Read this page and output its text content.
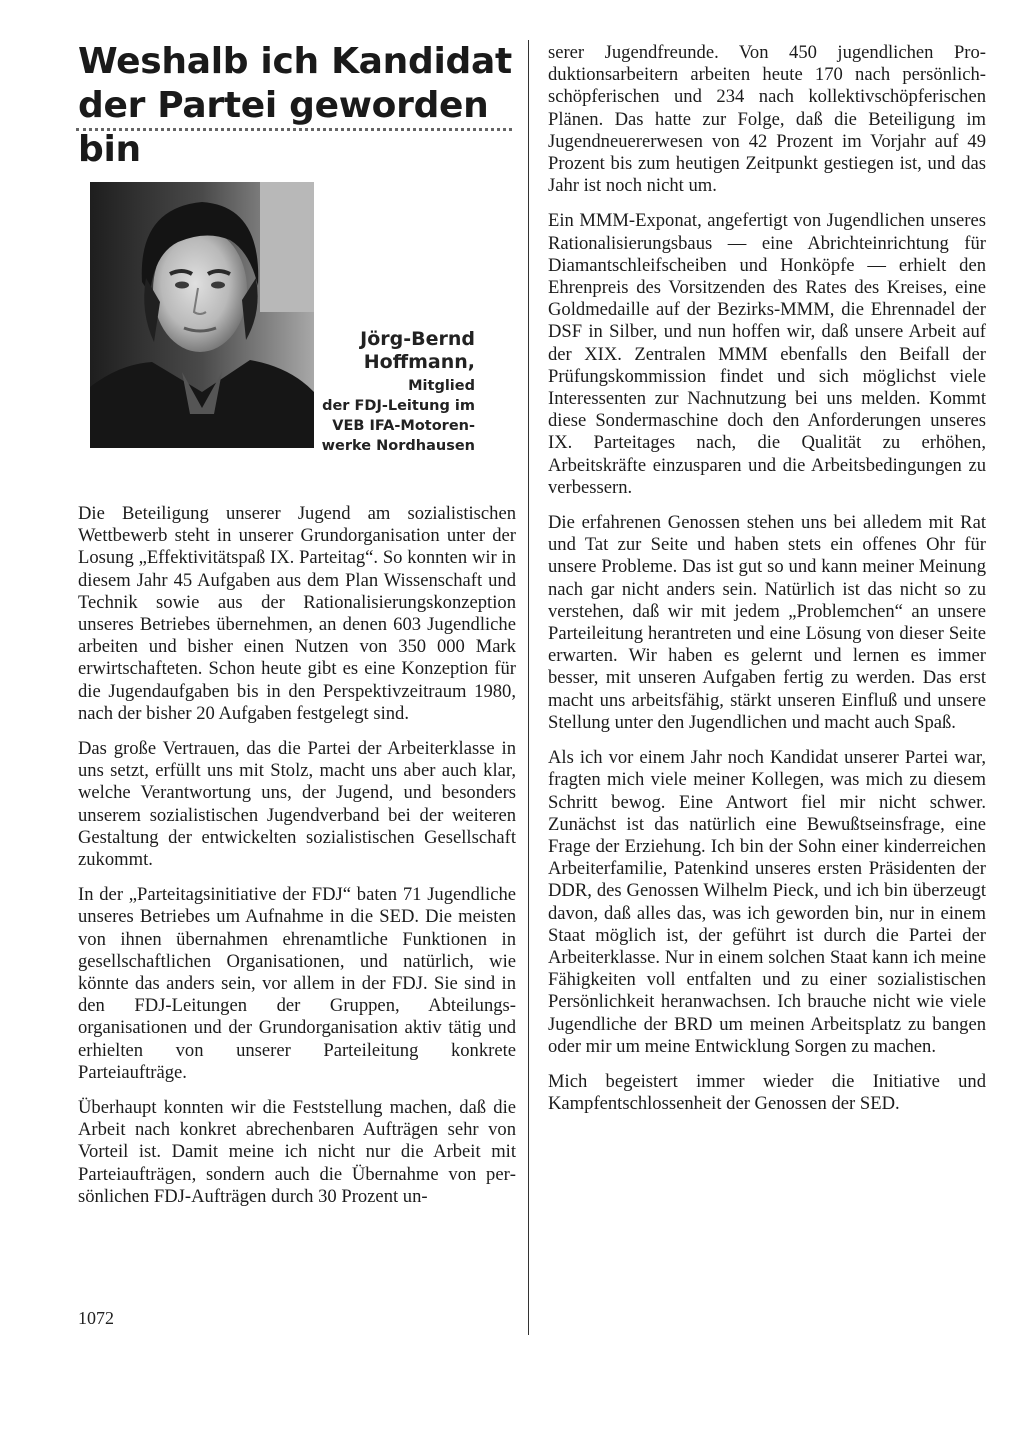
Weshalb ich Kandidat
der Partei geworden bin
Jörg-Bernd
Hoffmann,
Mitglied
der FDJ-Leitung im
VEB IFA-Motoren-
werke Nordhausen

Die Beteiligung unserer Jugend am sozialistischen Wettbewerb steht in unserer Grundorganisation unter der Losung „Effektivitätspaß IX. Parteitag“. So konnten wir in diesem Jahr 45 Aufgaben aus dem Plan Wissenschaft und Technik sowie aus der Rationalisierungskonzeption unseres Betriebes übernehmen, an denen 603 Jugendliche arbeiten und bisher einen Nutzen von 350 000 Mark erwirtschafteten. Schon heute gibt es eine Konzeption für die Jugendaufgaben bis in den Perspektivzeitraum 1980, nach der bisher 20 Aufgaben festgelegt sind.

Das große Vertrauen, das die Partei der Arbeiterklasse in uns setzt, erfüllt uns mit Stolz, macht uns aber auch klar, welche Verantwortung uns, der Jugend, und besonders unserem sozialistischen Jugendverband bei der weiteren Gestaltung der entwickelten sozialistischen Gesellschaft zukommt.

In der „Parteitagsinitiative der FDJ“ baten 71 Jugendliche unseres Betriebes um Aufnahme in die SED. Die meisten von ihnen übernahmen ehrenamtliche Funktionen in gesellschaftlichen Organisationen, und natürlich, wie könnte das anders sein, vor allem in der FDJ. Sie sind in den FDJ-Leitungen der Gruppen, Abteilungsorganisationen und der Grundorganisation aktiv tätig und erhielten von unserer Parteileitung konkrete Parteiaufträge.

Überhaupt konnten wir die Feststellung machen, daß die Arbeit nach konkret abrechenbaren Aufträgen sehr von Vorteil ist. Damit meine ich nicht nur die Arbeit mit Parteiaufträgen, sondern auch die Übernahme von persönlichen FDJ-Aufträgen durch 30 Prozent un-

serer Jugendfreunde. Von 450 jugendlichen Produktionsarbeitern arbeiten heute 170 nach persönlich-schöpferischen und 234 nach kollektivschöpferischen Plänen. Das hatte zur Folge, daß die Beteiligung im Jugendneuererwesen von 42 Prozent im Vorjahr auf 49 Prozent bis zum heutigen Zeitpunkt gestiegen ist, und das Jahr ist noch nicht um.

Ein MMM-Exponat, angefertigt von Jugendlichen unseres Rationalisierungsbaus — eine Abrichteinrichtung für Diamantschleifscheiben und Honköpfe — erhielt den Ehrenpreis des Vorsitzenden des Rates des Kreises, eine Goldmedaille auf der Bezirks-MMM, die Ehrennadel der DSF in Silber, und nun hoffen wir, daß unsere Arbeit auf der XIX. Zentralen MMM ebenfalls den Beifall der Prüfungskommission findet und sich möglichst viele Interessenten zur Nachnutzung bei uns melden. Kommt diese Sondermaschine doch den Anforderungen unseres IX. Parteitages nach, die Qualität zu erhöhen, Arbeitskräfte einzusparen und die Arbeitsbedingungen zu verbessern.

Die erfahrenen Genossen stehen uns bei alledem mit Rat und Tat zur Seite und haben stets ein offenes Ohr für unsere Probleme. Das ist gut so und kann meiner Meinung nach gar nicht anders sein. Natürlich ist das nicht so zu verstehen, daß wir mit jedem „Problemchen“ an unsere Parteileitung herantreten und eine Lösung von dieser Seite erwarten. Wir haben es gelernt und lernen es immer besser, mit unseren Aufgaben fertig zu werden. Das erst macht uns arbeitsfähig, stärkt unseren Einfluß und unsere Stellung unter den Jugendlichen und macht auch Spaß.

Als ich vor einem Jahr noch Kandidat unserer Partei war, fragten mich viele meiner Kollegen, was mich zu diesem Schritt bewog. Eine Antwort fiel mir nicht schwer. Zunächst ist das natürlich eine Bewußtseinsfrage, eine Frage der Erziehung. Ich bin der Sohn einer kinderreichen Arbeiterfamilie, Patenkind unseres ersten Präsidenten der DDR, des Genossen Wilhelm Pieck, und ich bin überzeugt davon, daß alles das, was ich geworden bin, nur in einem Staat möglich ist, der geführt ist durch die Partei der Arbeiterklasse. Nur in einem solchen Staat kann ich meine Fähigkeiten voll entfalten und zu einer sozialistischen Persönlichkeit heranwachsen. Ich brauche nicht wie viele Jugendliche der BRD um meinen Arbeitsplatz zu bangen oder mir um meine Entwicklung Sorgen zu machen.

Mich begeistert immer wieder die Initiative und Kampfentschlossenheit der Genossen der SED.

1072
